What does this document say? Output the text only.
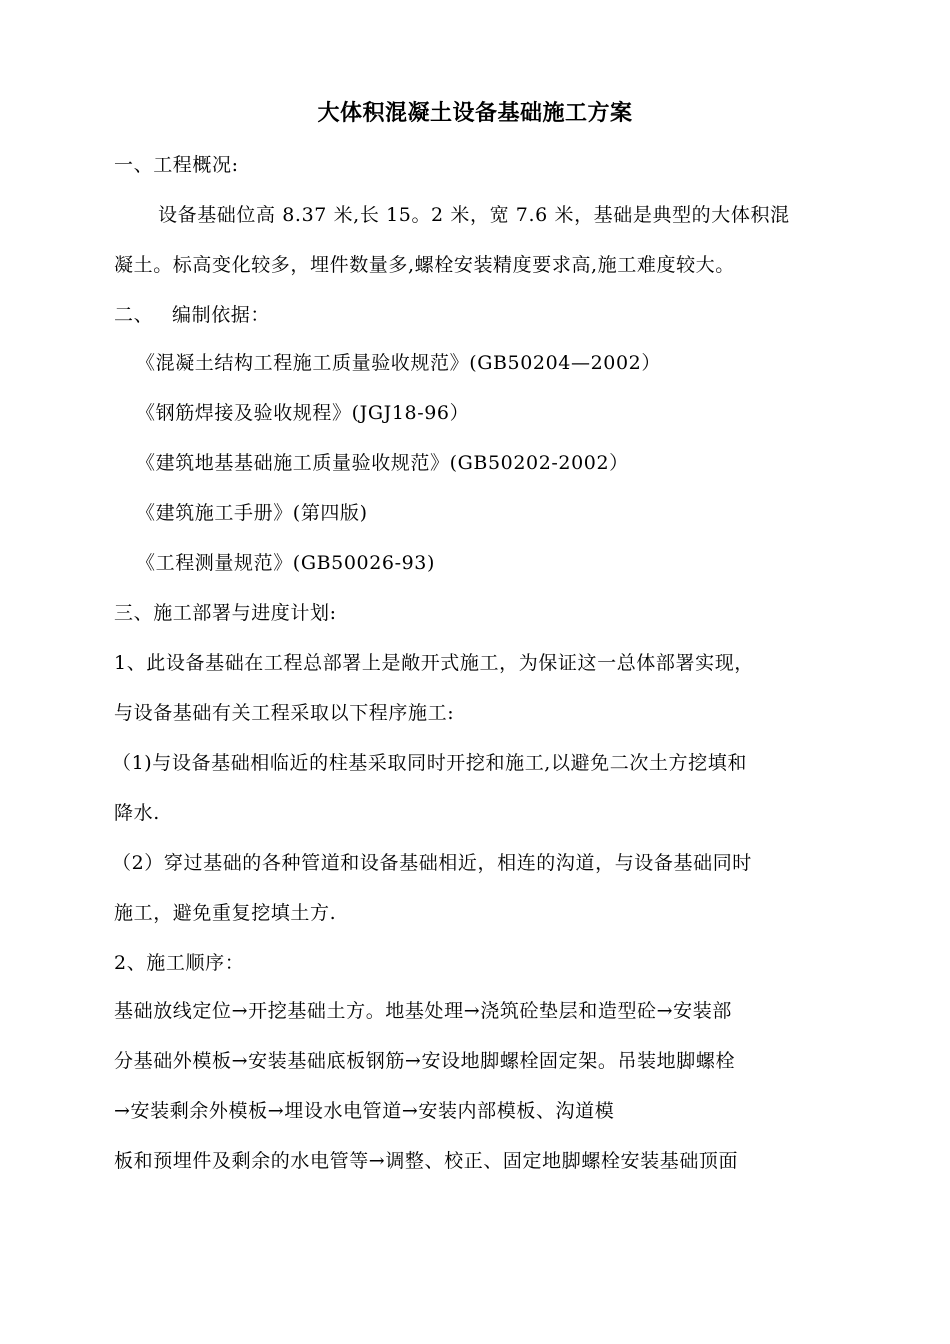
大体积混凝土设备基础施工方案
一、工程概况:
设备基础位高 8.37 米,长 15。2 米，宽 7.6 米，基础是典型的大体积混
凝土。标高变化较多，埋件数量多,螺栓安装精度要求高,施工难度较大。
二、 编制依据：
《混凝土结构工程施工质量验收规范》(GB50204—2002）
《钢筋焊接及验收规程》(JGJ18-96）
《建筑地基基础施工质量验收规范》(GB50202-2002）
《建筑施工手册》(第四版)
《工程测量规范》(GB50026-93)
三、施工部署与进度计划:
1、此设备基础在工程总部署上是敞开式施工，为保证这一总体部署实现，
与设备基础有关工程采取以下程序施工:
（1)与设备基础相临近的柱基采取同时开挖和施工,以避免二次土方挖填和
降水.
（2）穿过基础的各种管道和设备基础相近，相连的沟道，与设备基础同时
施工，避免重复挖填土方.
2、施工顺序：
基础放线定位→开挖基础土方。地基处理→浇筑砼垫层和造型砼→安装部
分基础外模板→安装基础底板钢筋→安设地脚螺栓固定架。吊装地脚螺栓
→安装剩余外模板→埋设水电管道→安装内部模板、沟道模
板和预埋件及剩余的水电管等→调整、校正、固定地脚螺栓安装基础顶面
